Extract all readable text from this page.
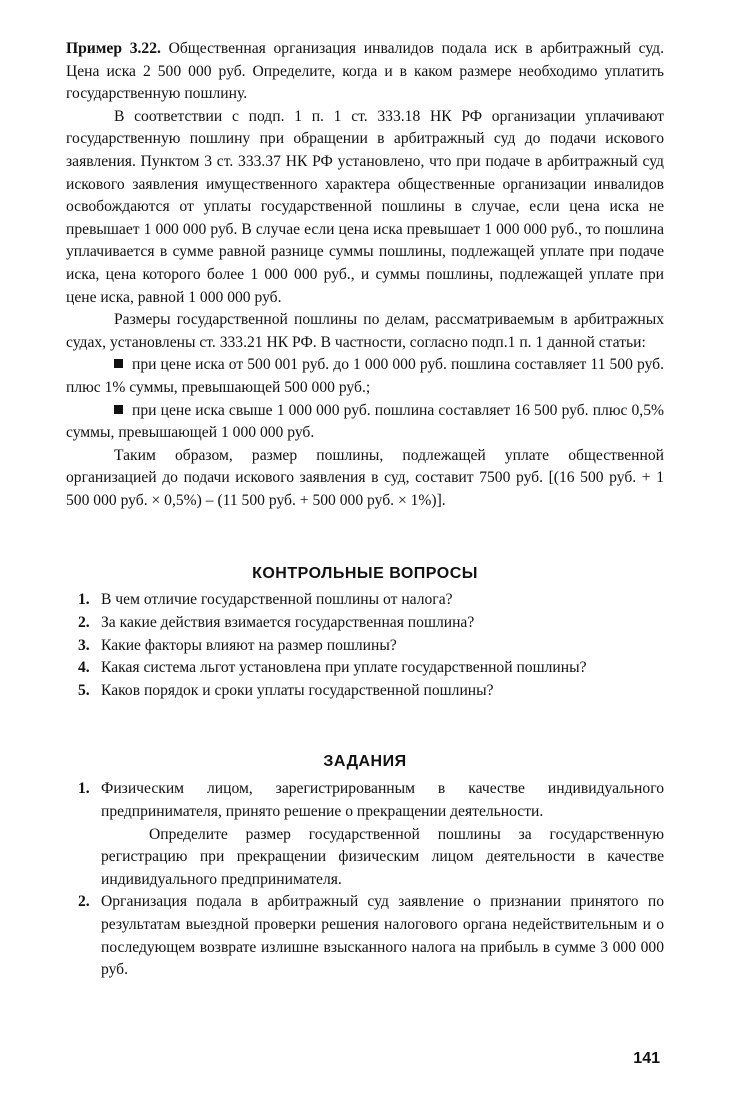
Пример 3.22. Общественная организация инвалидов подала иск в арбитражный суд. Цена иска 2 500 000 руб. Определите, когда и в каком размере необходимо уплатить государственную пошлину.

В соответствии с подп. 1 п. 1 ст. 333.18 НК РФ организации уплачивают государственную пошлину при обращении в арбитражный суд до подачи искового заявления. Пунктом 3 ст. 333.37 НК РФ установлено, что при подаче в арбитражный суд искового заявления имущественного характера общественные организации инвалидов освобождаются от уплаты государственной пошлины в случае, если цена иска не превышает 1 000 000 руб. В случае если цена иска превышает 1 000 000 руб., то пошлина уплачивается в сумме равной разнице суммы пошлины, подлежащей уплате при подаче иска, цена которого более 1 000 000 руб., и суммы пошлины, подлежащей уплате при цене иска, равной 1 000 000 руб.

Размеры государственной пошлины по делам, рассматриваемым в арбитражных судах, установлены ст. 333.21 НК РФ. В частности, согласно подп.1 п. 1 данной статьи:

при цене иска от 500 001 руб. до 1 000 000 руб. пошлина составляет 11 500 руб. плюс 1% суммы, превышающей 500 000 руб.;

при цене иска свыше 1 000 000 руб. пошлина составляет 16 500 руб. плюс 0,5% суммы, превышающей 1 000 000 руб.

Таким образом, размер пошлины, подлежащей уплате общественной организацией до подачи искового заявления в суд, составит 7500 руб. [(16 500 руб. + 1 500 000 руб. × 0,5%) – (11 500 руб. + 500 000 руб. × 1%)].

КОНТРОЛЬНЫЕ ВОПРОСЫ
1. В чем отличие государственной пошлины от налога?
2. За какие действия взимается государственная пошлина?
3. Какие факторы влияют на размер пошлины?
4. Какая система льгот установлена при уплате государственной пошлины?
5. Каков порядок и сроки уплаты государственной пошлины?
ЗАДАНИЯ
1. Физическим лицом, зарегистрированным в качестве индивидуального предпринимателя, принято решение о прекращении деятельности.

Определите размер государственной пошлины за государственную регистрацию при прекращении физическим лицом деятельности в качестве индивидуального предпринимателя.

2. Организация подала в арбитражный суд заявление о признании принятого по результатам выездной проверки решения налогового органа недействительным и о последующем возврате излишне взысканного налога на прибыль в сумме 3 000 000 руб.

141
